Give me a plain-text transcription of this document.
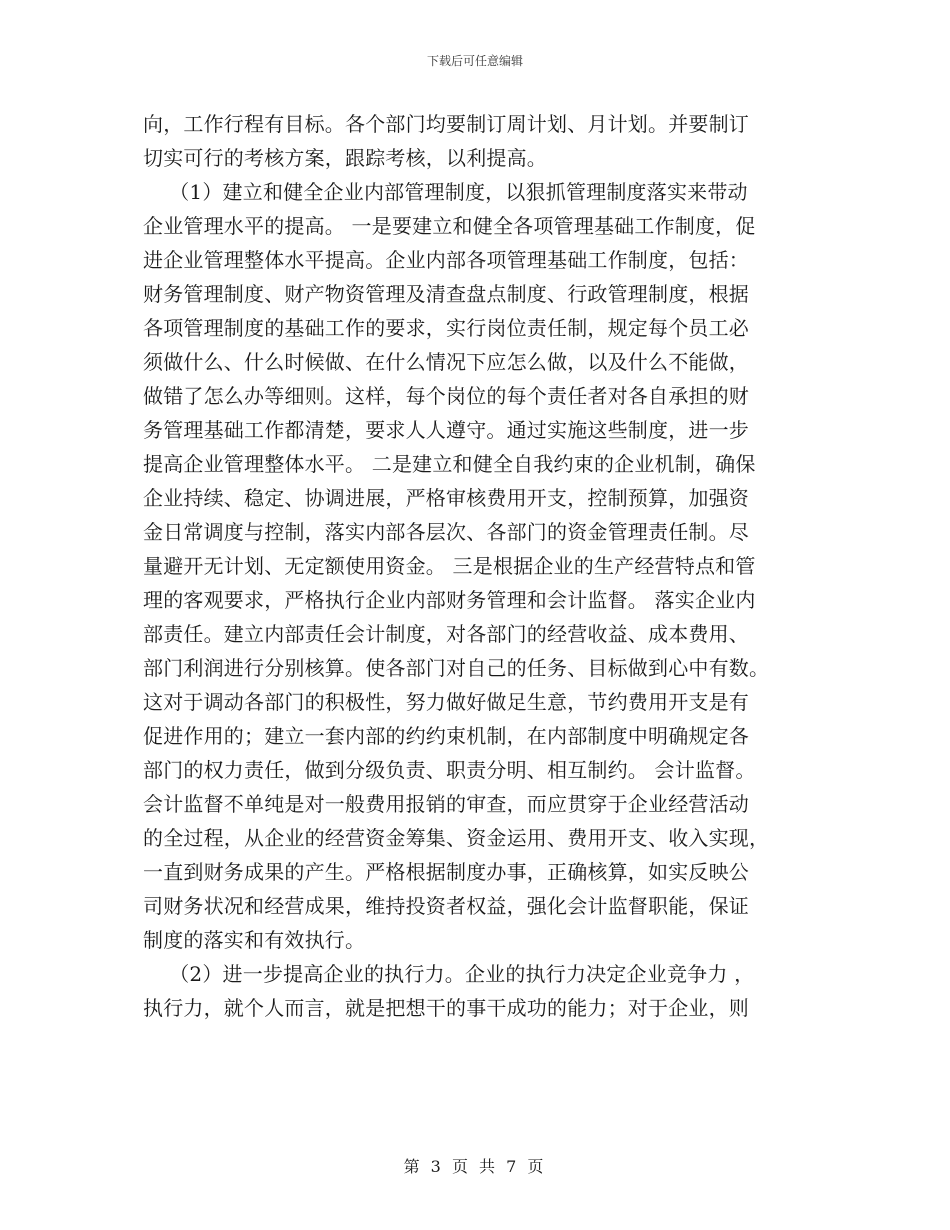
下载后可任意编辑
向，工作行程有目标。各个部门均要制订周计划、月计划。并要制订
切实可行的考核方案，跟踪考核，以利提高。
（1）建立和健全企业内部管理制度，以狠抓管理制度落实来带动
企业管理水平的提高。 一是要建立和健全各项管理基础工作制度，促
进企业管理整体水平提高。企业内部各项管理基础工作制度，包括：
财务管理制度、财产物资管理及清查盘点制度、行政管理制度，根据
各项管理制度的基础工作的要求，实行岗位责任制，规定每个员工必
须做什么、什么时候做、在什么情况下应怎么做，以及什么不能做，
做错了怎么办等细则。这样，每个岗位的每个责任者对各自承担的财
务管理基础工作都清楚，要求人人遵守。通过实施这些制度，进一步
提高企业管理整体水平。 二是建立和健全自我约束的企业机制，确保
企业持续、稳定、协调进展，严格审核费用开支，控制预算，加强资
金日常调度与控制，落实内部各层次、各部门的资金管理责任制。尽
量避开无计划、无定额使用资金。 三是根据企业的生产经营特点和管
理的客观要求，严格执行企业内部财务管理和会计监督。 落实企业内
部责任。建立内部责任会计制度，对各部门的经营收益、成本费用、
部门利润进行分别核算。使各部门对自己的任务、目标做到心中有数。
这对于调动各部门的积极性，努力做好做足生意，节约费用开支是有
促进作用的；建立一套内部的约约束机制，在内部制度中明确规定各
部门的权力责任，做到分级负责、职责分明、相互制约。 会计监督。
会计监督不单纯是对一般费用报销的审查，而应贯穿于企业经营活动
的全过程，从企业的经营资金筹集、资金运用、费用开支、收入实现，
一直到财务成果的产生。严格根据制度办事，正确核算，如实反映公
司财务状况和经营成果，维持投资者权益，强化会计监督职能，保证
制度的落实和有效执行。
（2）进一步提高企业的执行力。企业的执行力决定企业竞争力 ，
执行力，就个人而言，就是把想干的事干成功的能力；对于企业，则
第 3 页 共 7 页
